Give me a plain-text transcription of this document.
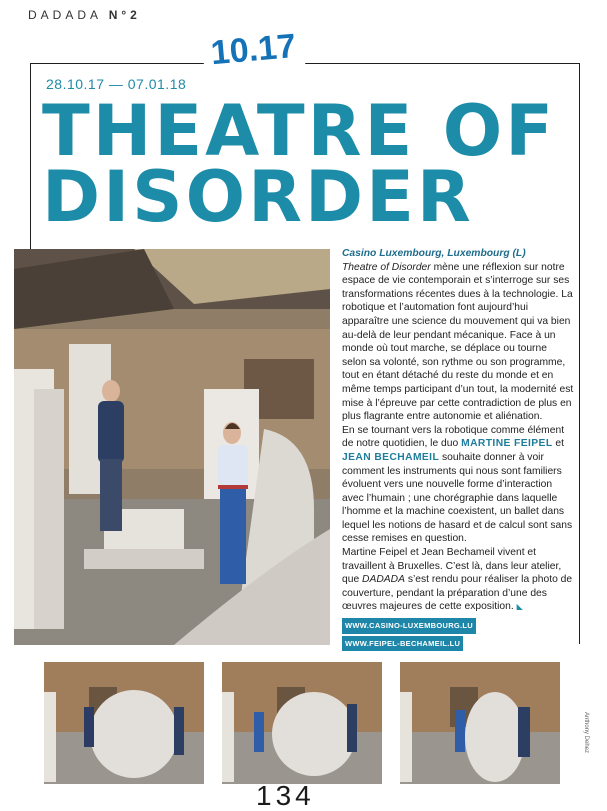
DADADA N°2
10.17
28.10.17 — 07.01.18
THEATRE OF
DISORDER

Casino Luxembourg, Luxembourg (L)

Theatre of Disorder mène une réflexion sur notre espace de vie contemporain et s’interroge sur ses transformations récentes dues à la technologie. La robotique et l’automation font aujourd’hui apparaître une science du mouvement qui va bien au-delà de leur pendant mécanique. Face à un monde où tout marche, se déplace ou tourne selon sa volonté, son rythme ou son programme, tout en étant détaché du reste du monde et en même temps participant d’un tout, la modernité est mise à l’épreuve par cette contradiction de plus en plus flagrante entre autonomie et aliénation.

En se tournant vers la robotique comme élément de notre quotidien, le duo MARTINE FEIPEL et JEAN BECHAMEIL souhaite donner à voir comment les instruments qui nous sont familiers évoluent vers une nouvelle forme d’interaction avec l’humain ; une chorégraphie dans laquelle l’homme et la machine coexistent, un ballet dans lequel les notions de hasard et de calcul sont sans cesse remises en question.

Martine Feipel et Jean Bechameil vivent et travaillent à Bruxelles. C’est là, dans leur atelier, que DADADA s’est rendu pour réaliser la photo de couverture, pendant la préparation d’une des œuvres majeures de cette exposition. ◣

WWW.CASINO-LUXEMBOURG.LU
WWW.FEIPEL-BECHAMEIL.LU
Anthony Dehez
134
